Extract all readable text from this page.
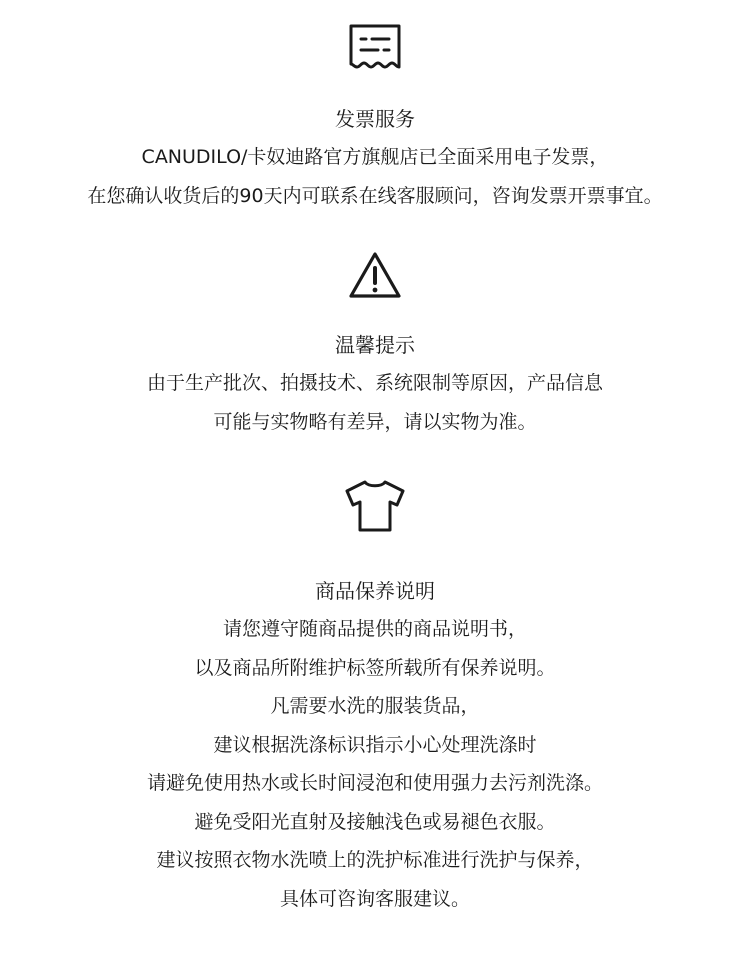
发票服务

CANUDILO/卡奴迪路官方旗舰店已全面采用电子发票，

在您确认收货后的90天内可联系在线客服顾问，咨询发票开票事宜。

温馨提示

由于生产批次、拍摄技术、系统限制等原因，产品信息

可能与实物略有差异，请以实物为准。

商品保养说明

请您遵守随商品提供的商品说明书，

以及商品所附维护标签所载所有保养说明。

凡需要水洗的服装货品，

建议根据洗涤标识指示小心处理洗涤时

请避免使用热水或长时间浸泡和使用强力去污剂洗涤。

避免受阳光直射及接触浅色或易褪色衣服。

建议按照衣物水洗喷上的洗护标准进行洗护与保养，

具体可咨询客服建议。
